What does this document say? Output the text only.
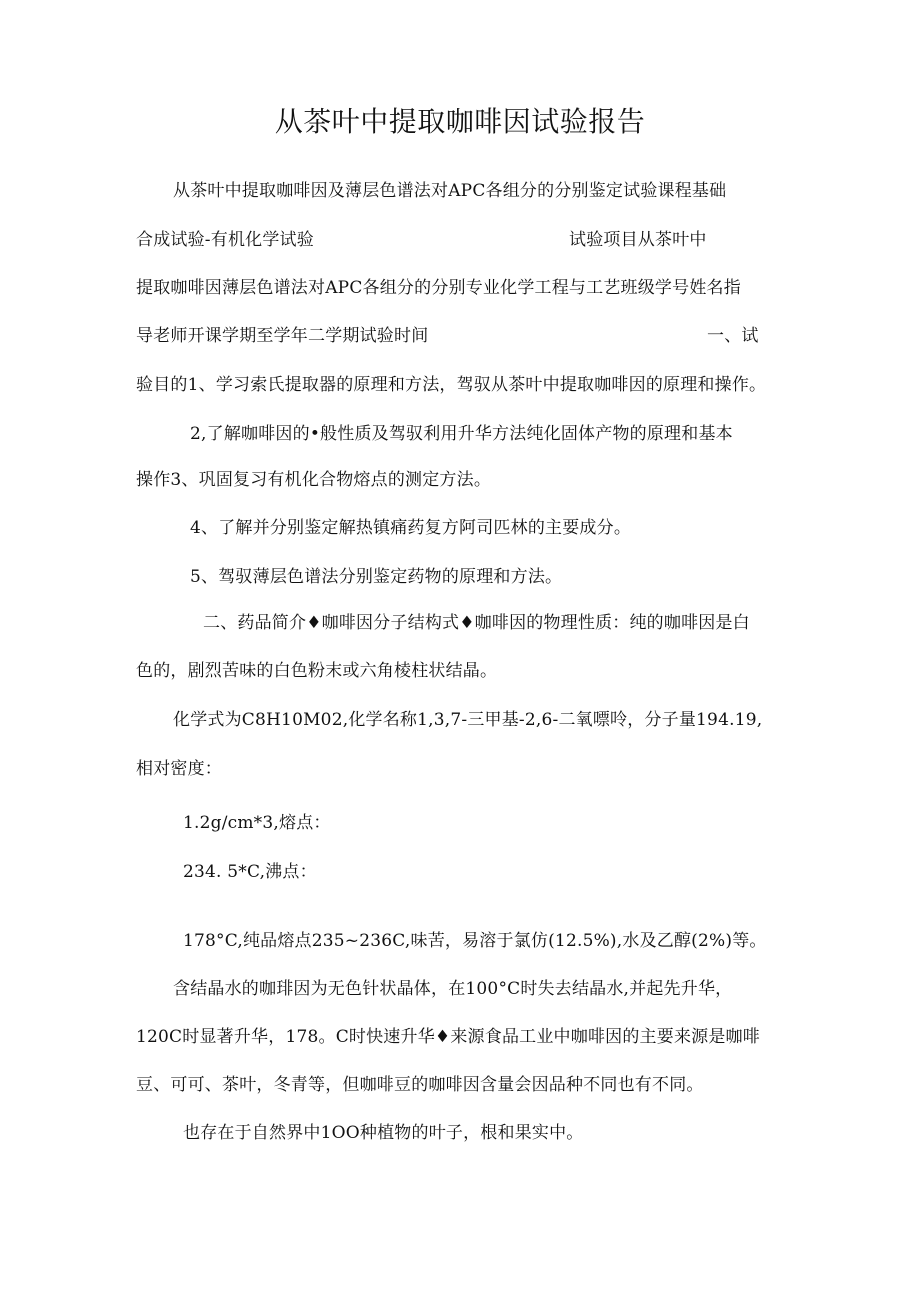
从茶叶中提取咖啡因试验报告

从茶叶中提取咖啡因及薄层色谱法对APC各组分的分别鉴定试验课程基础

合成试验-有机化学试验	试验项目从茶叶中

提取咖啡因薄层色谱法对APC各组分的分别专业化学工程与工艺班级学号姓名指

导老师开课学期至学年二学期试验时间	一、试

验目的1、学习索氏提取器的原理和方法，驾驭从茶叶中提取咖啡因的原理和操作。

2,了解咖啡因的•般性质及驾驭利用升华方法纯化固体产物的原理和基本

操作3、巩固复习有机化合物熔点的测定方法。

4、了解并分别鉴定解热镇痛药复方阿司匹林的主要成分。

5、驾驭薄层色谱法分别鉴定药物的原理和方法。

二、药品简介♦咖啡因分子结构式♦咖啡因的物理性质：纯的咖啡因是白

色的，剧烈苦味的白色粉末或六角棱柱状结晶。

化学式为C8H10M02,化学名称1,3,7-三甲基-2,6-二氧嘌呤，分子量194.19,

相对密度：

1.2g∕cm*3,熔点：

234. 5*C,沸点：

178°C,纯品熔点235~236C,味苦，易溶于氯仿(12.5%),水及乙醇(2%)等。

含结晶水的咖琲因为无色针状晶体，在100°C时失去结晶水,并起先升华，

120C时显著升华，178。C时快速升华♦来源食品工业中咖啡因的主要来源是咖啡

豆、可可、茶叶，冬青等，但咖啡豆的咖啡因含量会因品种不同也有不同。

也存在于自然界中1OO种植物的叶子，根和果实中。
